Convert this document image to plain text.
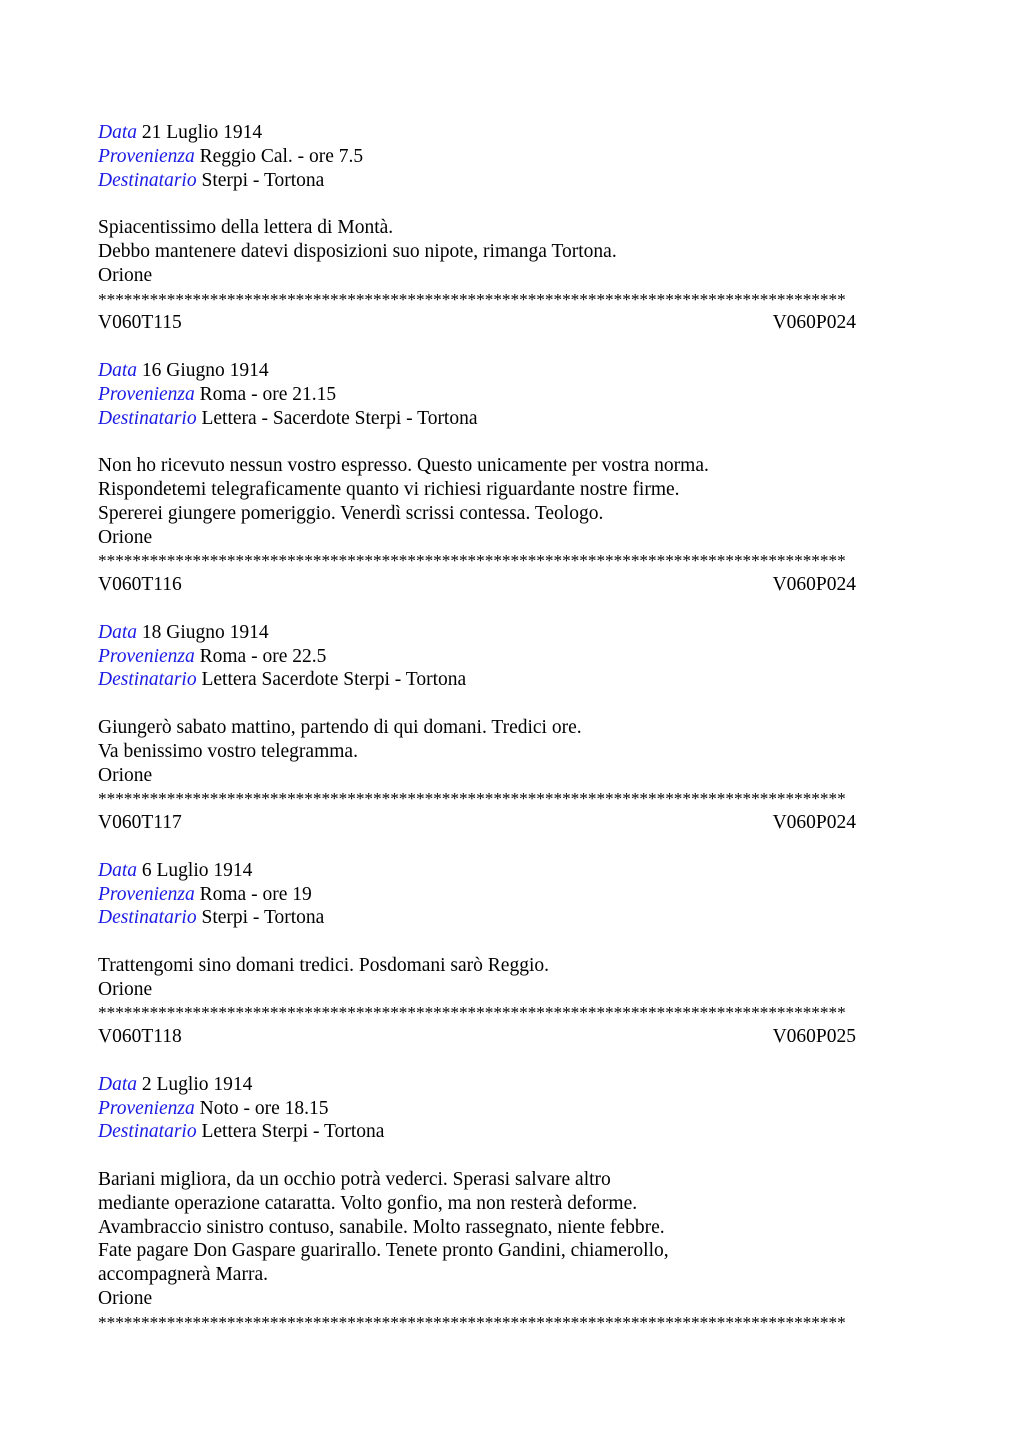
Data 21 Luglio 1914
Provenienza Reggio Cal. - ore 7.5
Destinatario Sterpi - Tortona
Spiacentissimo della lettera di Montà.
Debbo mantenere datevi disposizioni suo nipote, rimanga Tortona.
Orione
***************************************************************************************
V060T115	V060P024
Data 16 Giugno 1914
Provenienza Roma - ore 21.15
Destinatario Lettera - Sacerdote Sterpi - Tortona
Non ho ricevuto nessun vostro espresso. Questo unicamente per vostra norma.
Rispondetemi telegraficamente quanto vi richiesi riguardante nostre firme.
Spererei giungere pomeriggio. Venerdì scrissi contessa. Teologo.
Orione
***************************************************************************************
V060T116	V060P024
Data 18 Giugno 1914
Provenienza Roma - ore 22.5
Destinatario Lettera Sacerdote Sterpi - Tortona
Giungerò sabato mattino, partendo di qui domani. Tredici ore.
Va benissimo vostro telegramma.
Orione
***************************************************************************************
V060T117	V060P024
Data 6 Luglio 1914
Provenienza Roma - ore 19
Destinatario Sterpi - Tortona
Trattengomi sino domani tredici. Posdomani sarò Reggio.
Orione
***************************************************************************************
V060T118	V060P025
Data 2 Luglio 1914
Provenienza Noto - ore 18.15
Destinatario Lettera Sterpi - Tortona
Bariani migliora, da un occhio potrà vederci. Sperasi salvare altro
mediante operazione cataratta. Volto gonfio, ma non resterà deforme.
Avambraccio sinistro contuso, sanabile. Molto rassegnato, niente febbre.
Fate pagare Don Gaspare guarirallo. Tenete pronto Gandini, chiamerollo,
accompagnerà Marra.
Orione
***************************************************************************************
